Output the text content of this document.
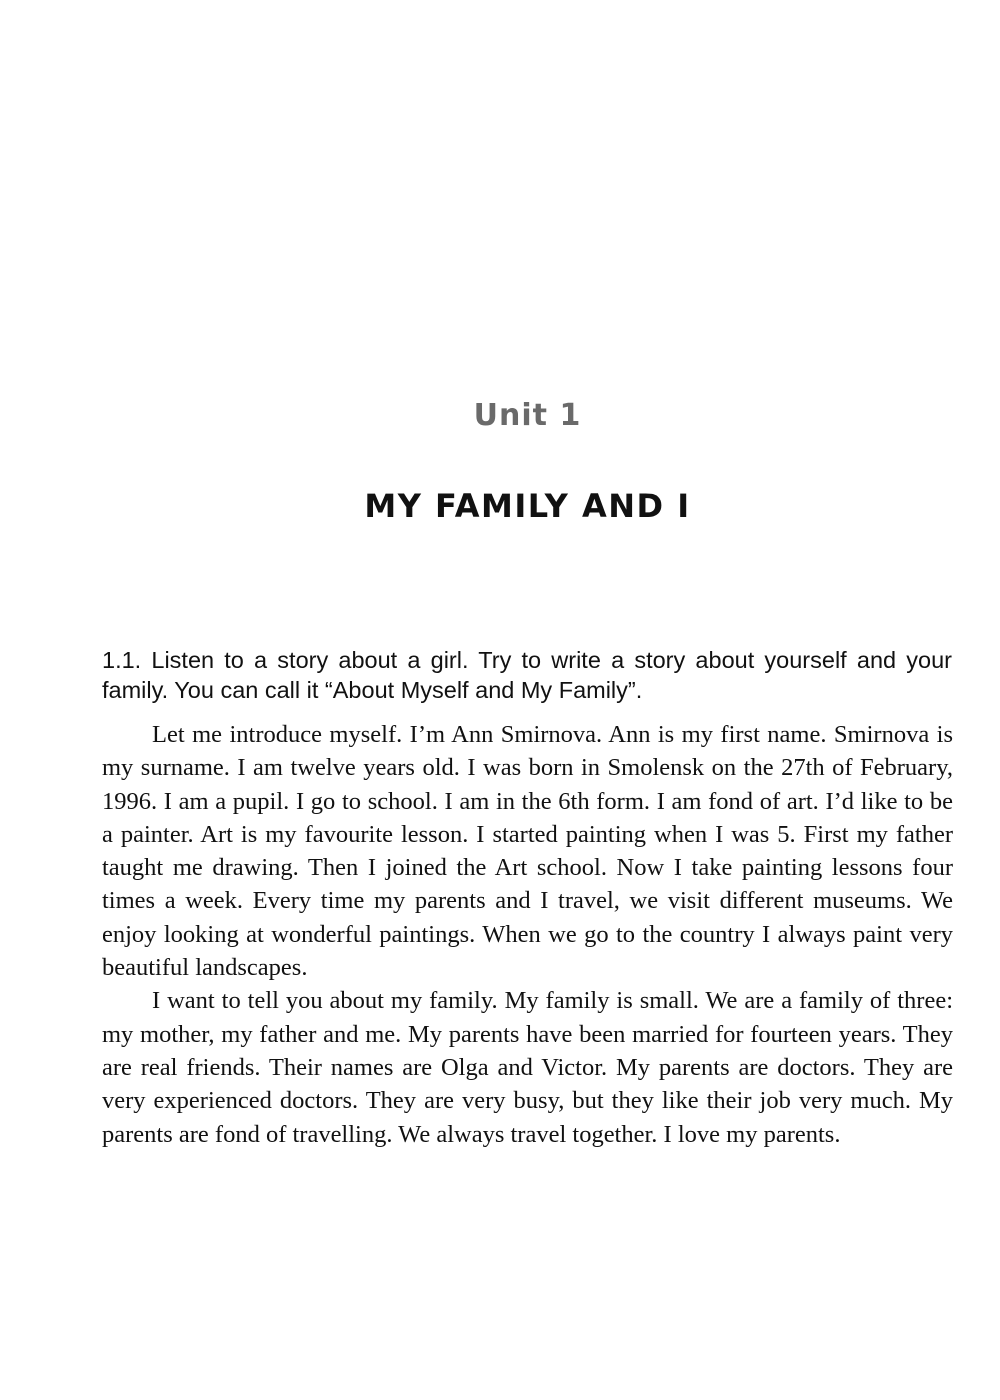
Unit 1
MY FAMILY AND I

1.1. Listen to a story about a girl. Try to write a story about yourself and your family. You can call it “About Myself and My Family”.

Let me introduce myself. I’m Ann Smirnova. Ann is my first name. Smirnova is my surname. I am twelve years old. I was born in Smolensk on the 27th of February, 1996. I am a pupil. I go to school. I am in the 6th form. I am fond of art. I’d like to be a painter. Art is my favourite lesson. I started painting when I was 5. First my father taught me drawing. Then I joined the Art school. Now I take painting lessons four times a week. Every time my parents and I travel, we visit different museums. We enjoy looking at wonderful paintings. When we go to the country I always paint very beautiful landscapes.

I want to tell you about my family. My family is small. We are a family of three: my mother, my father and me. My parents have been married for fourteen years. They are real friends. Their names are Olga and Victor. My parents are doctors. They are very experienced doctors. They are very busy, but they like their job very much. My parents are fond of travelling. We always travel together. I love my parents.
